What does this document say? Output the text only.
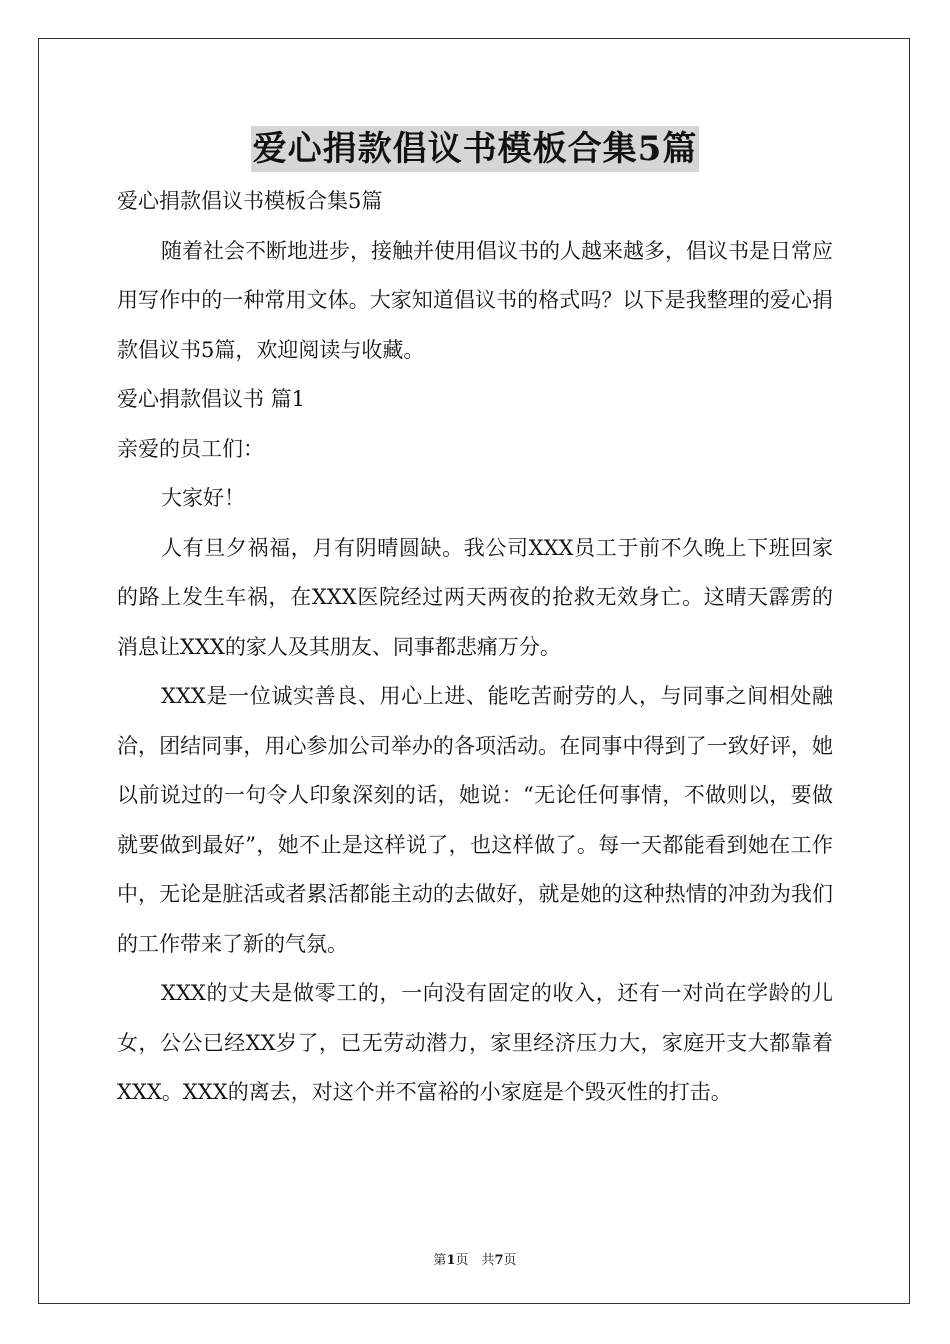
爱心捐款倡议书模板合集5篇

爱心捐款倡议书模板合集5篇

随着社会不断地进步，接触并使用倡议书的人越来越多，倡议书是日常应用写作中的一种常用文体。大家知道倡议书的格式吗？以下是我整理的爱心捐款倡议书5篇，欢迎阅读与收藏。

爱心捐款倡议书 篇1

亲爱的员工们：

大家好！

人有旦夕祸福，月有阴晴圆缺。我公司XXX员工于前不久晚上下班回家的路上发生车祸，在XXX医院经过两天两夜的抢救无效身亡。这晴天霹雳的消息让XXX的家人及其朋友、同事都悲痛万分。

XXX是一位诚实善良、用心上进、能吃苦耐劳的人，与同事之间相处融洽，团结同事，用心参加公司举办的各项活动。在同事中得到了一致好评，她以前说过的一句令人印象深刻的话，她说：“无论任何事情，不做则以，要做就要做到最好”，她不止是这样说了，也这样做了。每一天都能看到她在工作中，无论是脏活或者累活都能主动的去做好，就是她的这种热情的冲劲为我们的工作带来了新的气氛。

XXX的丈夫是做零工的，一向没有固定的收入，还有一对尚在学龄的儿女，公公已经XX岁了，已无劳动潜力，家里经济压力大，家庭开支大都靠着XXX。XXX的离去，对这个并不富裕的小家庭是个毁灭性的打击。

第1页　共7页
